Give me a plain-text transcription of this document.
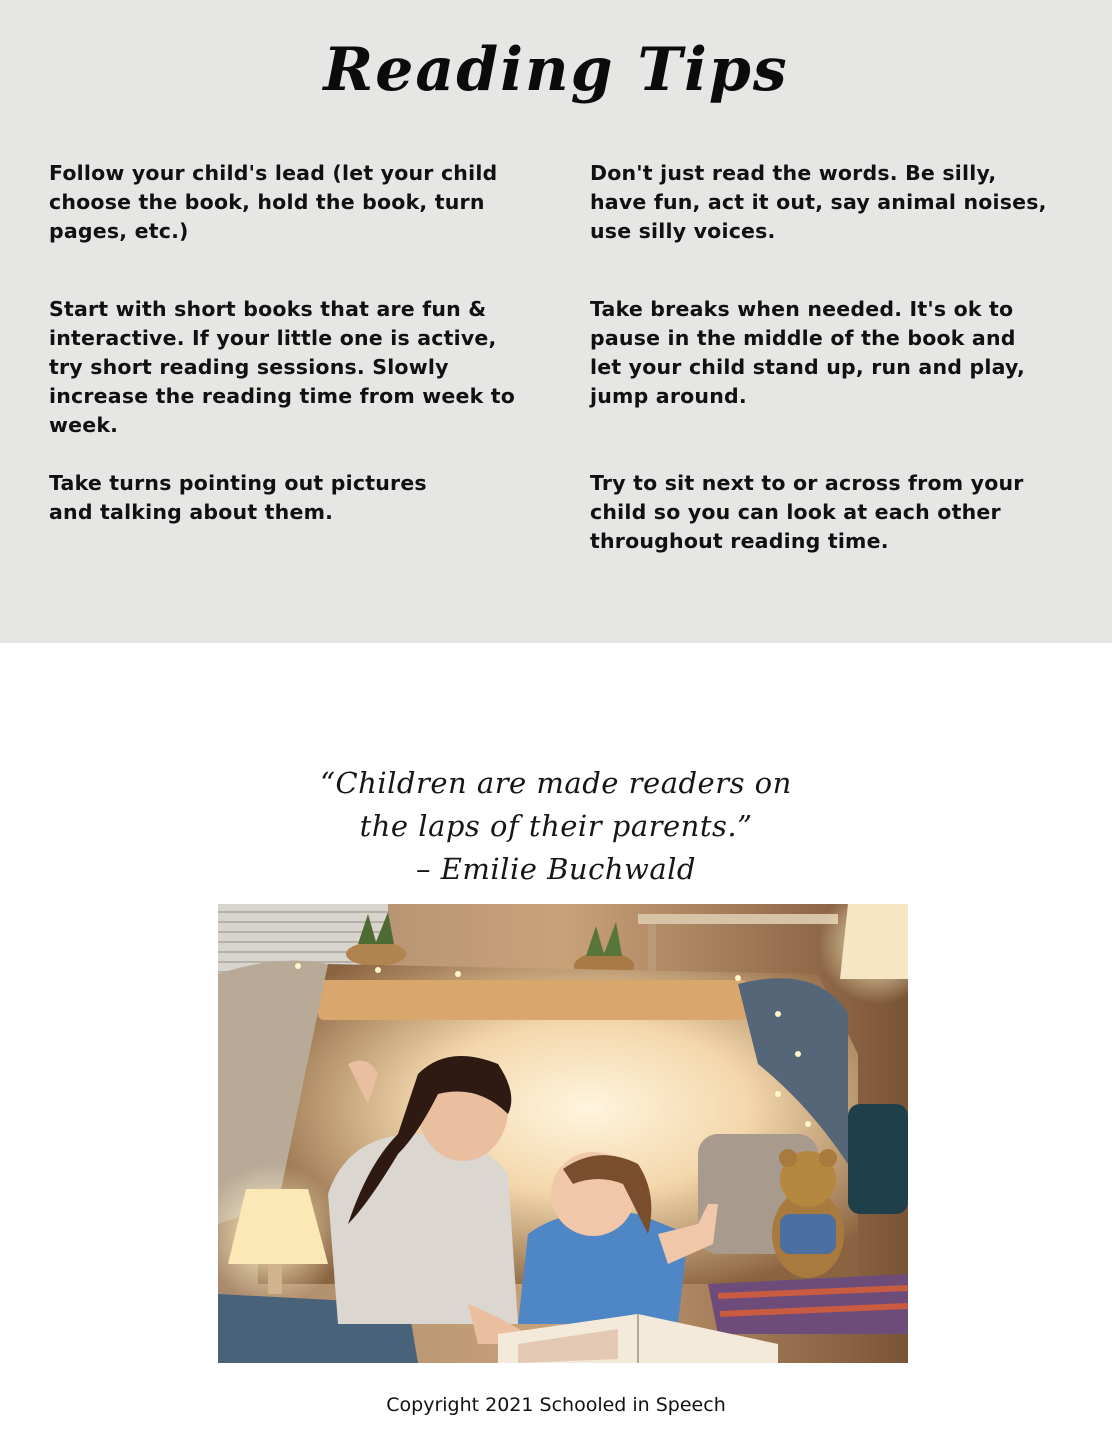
Reading Tips

Follow your child's lead (let your child choose the book, hold the book, turn pages, etc.)

Start with short books that are fun & interactive. If your little one is active, try short reading sessions. Slowly increase the reading time from week to week.

Take turns pointing out pictures and talking about them.

Don't just read the words. Be silly, have fun, act it out, say animal noises, use silly voices.

Take breaks when needed. It's ok to pause in the middle of the book and let your child stand up, run and play, jump around.

Try to sit next to or across from your child so you can look at each other throughout reading time.

“Children are made readers on
the laps of their parents.”
– Emilie Buchwald
Copyright 2021 Schooled in Speech
